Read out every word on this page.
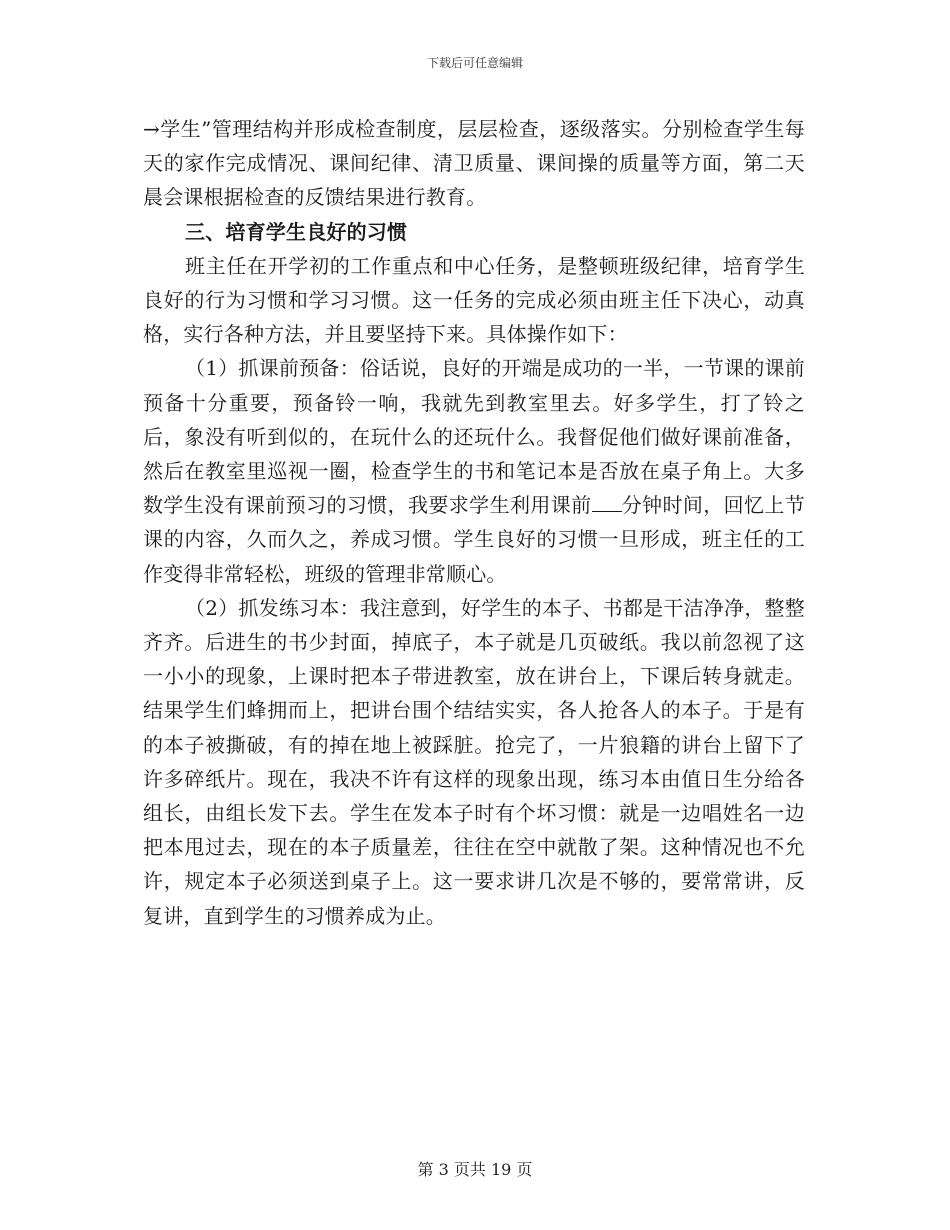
下载后可任意编辑

→学生”管理结构并形成检查制度，层层检查，逐级落实。分别检查学生每天的家作完成情况、课间纪律、清卫质量、课间操的质量等方面，第二天晨会课根据检查的反馈结果进行教育。

三、培育学生良好的习惯

班主任在开学初的工作重点和中心任务，是整顿班级纪律，培育学生良好的行为习惯和学习习惯。这一任务的完成必须由班主任下决心，动真格，实行各种方法，并且要坚持下来。具体操作如下：

（1）抓课前预备：俗话说，良好的开端是成功的一半，一节课的课前预备十分重要，预备铃一响，我就先到教室里去。好多学生，打了铃之后，象没有听到似的，在玩什么的还玩什么。我督促他们做好课前准备，然后在教室里巡视一圈，检查学生的书和笔记本是否放在桌子角上。大多数学生没有课前预习的习惯，我要求学生利用课前 分钟时间，回忆上节课的内容，久而久之，养成习惯。学生良好的习惯一旦形成，班主任的工作变得非常轻松，班级的管理非常顺心。

（2）抓发练习本：我注意到，好学生的本子、书都是干洁净净，整整齐齐。后进生的书少封面，掉底子，本子就是几页破纸。我以前忽视了这一小小的现象，上课时把本子带进教室，放在讲台上，下课后转身就走。结果学生们蜂拥而上，把讲台围个结结实实，各人抢各人的本子。于是有的本子被撕破，有的掉在地上被踩脏。抢完了，一片狼籍的讲台上留下了许多碎纸片。现在，我决不许有这样的现象出现，练习本由值日生分给各组长，由组长发下去。学生在发本子时有个坏习惯：就是一边唱姓名一边把本甩过去，现在的本子质量差，往往在空中就散了架。这种情况也不允许，规定本子必须送到桌子上。这一要求讲几次是不够的，要常常讲，反复讲，直到学生的习惯养成为止。

第 3 页共 19 页
